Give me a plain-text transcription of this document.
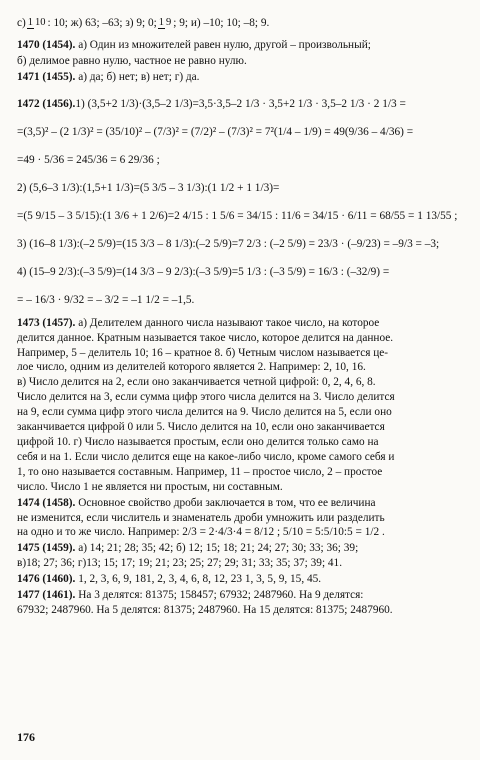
с) 1 10 : 10; ж) 63; –63; з) 9; 0; 1 9 ; 9; и) –10; 10; –8; 9.
1470 (1454). а) Один из множителей равен нулю, другой – произвольный;
б) делимое равно нулю, частное не равно нулю.
1471 (1455). а) да; б) нет; в) нет; г) да.
1472 (1456). 1) (3,5+2 1/3)·(3,5–2 1/3)=3,5·3,5–2 1/3 · 3,5+2 1/3 · 3,5–2 1/3 · 2 1/3 =
=(3,5)² – (2 1/3)² = (35/10)² – (7/3)² = (7/2)² – (7/3)² = 7²(1/4 – 1/9) = 49(9/36 – 4/36) =
=49 · 5/36 = 245/36 = 6 29/36 ;
2) (5,6–3 1/3):(1,5+1 1/3)=(5 3/5 – 3 1/3):(1 1/2 + 1 1/3)=
=(5 9/15 – 3 5/15):(1 3/6 + 1 2/6)=2 4/15 : 1 5/6 = 34/15 : 11/6 = 34/15 · 6/11 = 68/55 = 1 13/55 ;
3) (16–8 1/3):(–2 5/9)=(15 3/3 – 8 1/3):(–2 5/9)=7 2/3 : (–2 5/9) = 23/3 · (–9/23) = –9/3 = –3;
4) (15–9 2/3):(–3 5/9)=(14 3/3 – 9 2/3):(–3 5/9)=5 1/3 : (–3 5/9) = 16/3 : (–32/9) =
= – 16/3 · 9/32 = – 3/2 = –1 1/2 = –1,5.
1473 (1457). а) Делителем данного числа называют такое число, на которое
делится данное. Кратным называется такое число, которое делится на данное.
Например, 5 – делитель 10; 16 – кратное 8. б) Четным числом называется це-
лое число, одним из делителей которого является 2. Например: 2, 10, 16.
в) Число делится на 2, если оно заканчивается четной цифрой: 0, 2, 4, 6, 8.
Число делится на 3, если сумма цифр этого числа делится на 3. Число делится
на 9, если сумма цифр этого числа делится на 9. Число делится на 5, если оно
заканчивается цифрой 0 или 5. Число делится на 10, если оно заканчивается
цифрой 10. г) Число называется простым, если оно делится только само на
себя и на 1. Если число делится еще на какое-либо число, кроме самого себя и
1, то оно называется составным. Например, 11 – простое число, 2 – простое
число. Число 1 не является ни простым, ни составным.
1474 (1458). Основное свойство дроби заключается в том, что ее величина
не изменится, если числитель и знаменатель дроби умножить или разделить
на одно и то же число. Например: 2/3 = 2·4/3·4 = 8/12 ; 5/10 = 5:5/10:5 = 1/2 .
1475 (1459). а) 14; 21; 28; 35; 42; б) 12; 15; 18; 21; 24; 27; 30; 33; 36; 39;
в)18; 27; 36; г)13; 15; 17; 19; 21; 23; 25; 27; 29; 31; 33; 35; 37; 39; 41.
1476 (1460). 1, 2, 3, 6, 9, 181, 2, 3, 4, 6, 8, 12, 23 1, 3, 5, 9, 15, 45.
1477 (1461). На 3 делятся: 81375; 158457; 67932; 2487960. На 9 делятся:
67932; 2487960. На 5 делятся: 81375; 2487960. На 15 делятся: 81375; 2487960.
176
